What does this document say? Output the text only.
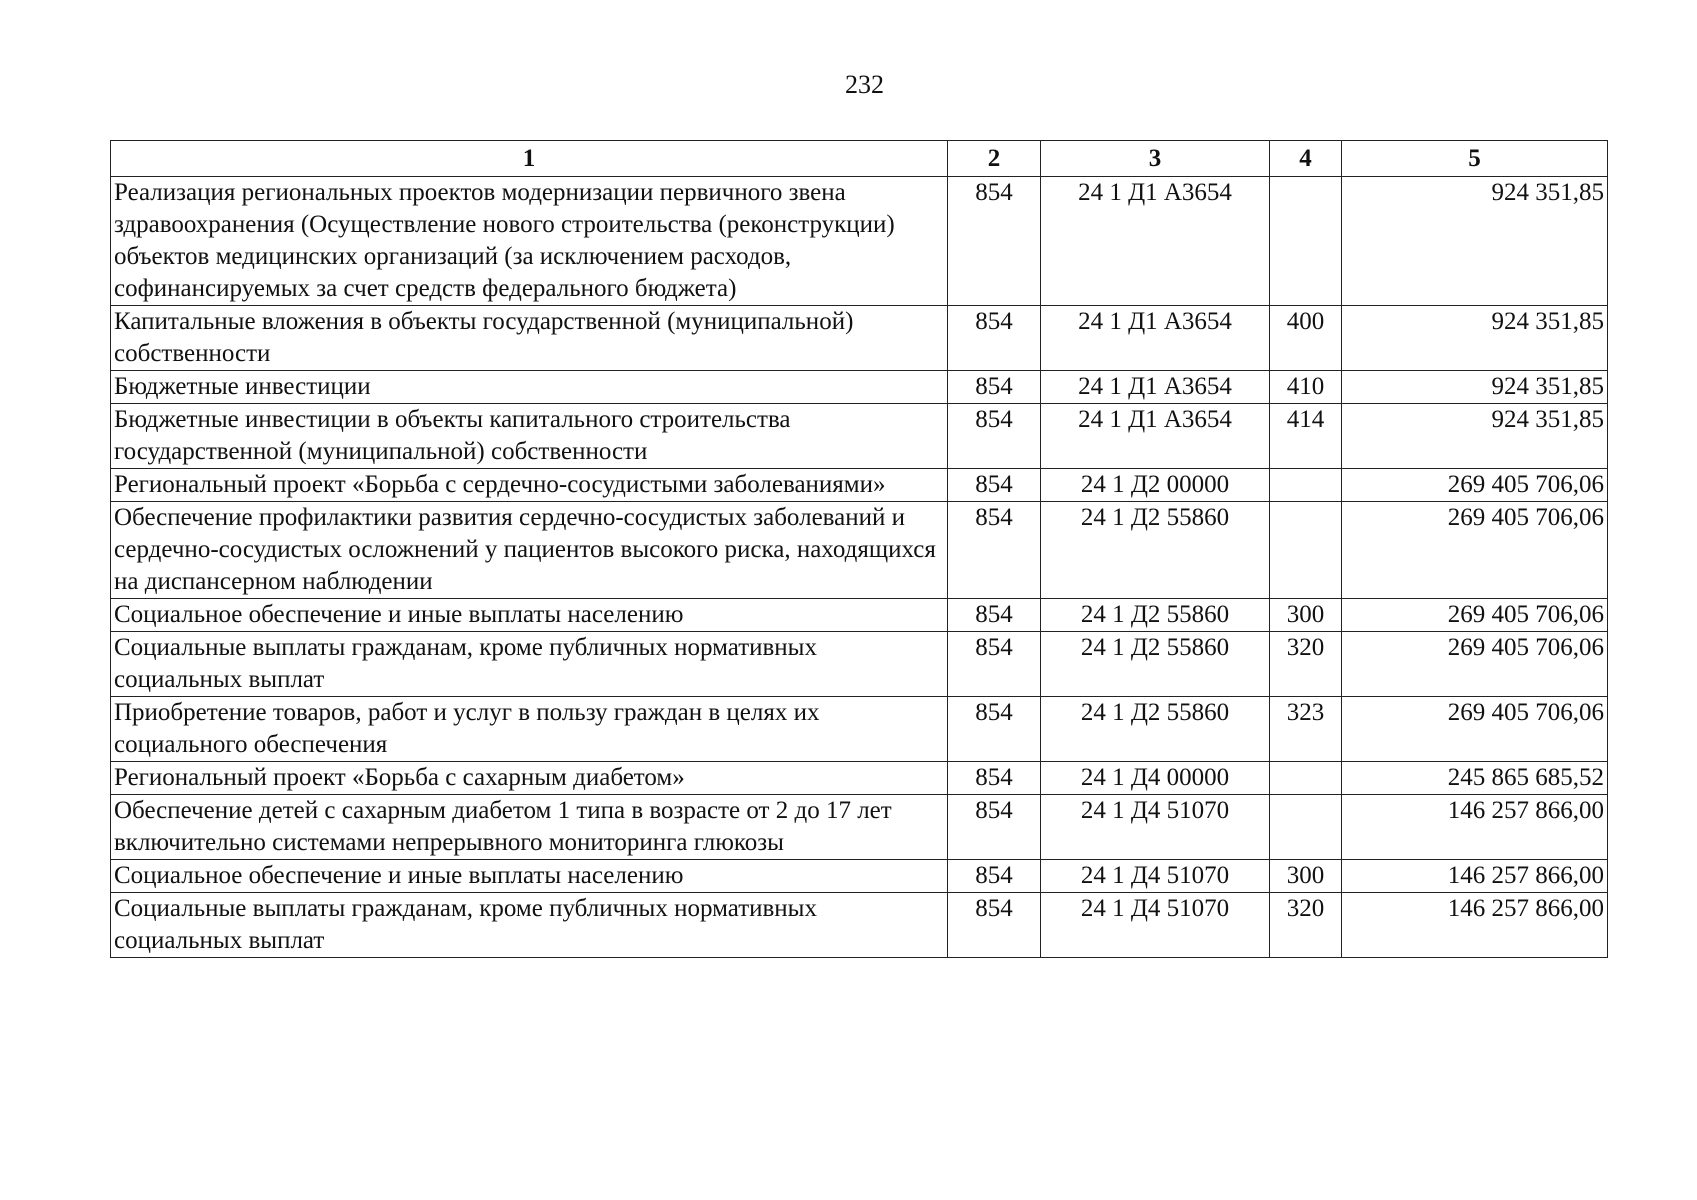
232
1	2	3	4	5
Реализация региональных проектов модернизации первичного звена здравоохранения (Осуществление нового строительства (реконструкции) объектов медицинских организаций (за исключением расходов, софинансируемых за счет средств федерального бюджета)	854	24 1 Д1 А3654		924 351,85
Капитальные вложения в объекты государственной (муниципальной) собственности	854	24 1 Д1 А3654	400	924 351,85
Бюджетные инвестиции	854	24 1 Д1 А3654	410	924 351,85
Бюджетные инвестиции в объекты капитального строительства государственной (муниципальной) собственности	854	24 1 Д1 А3654	414	924 351,85
Региональный проект «Борьба с сердечно-сосудистыми заболеваниями»	854	24 1 Д2 00000		269 405 706,06
Обеспечение профилактики развития сердечно-сосудистых заболеваний и сердечно-сосудистых осложнений у пациентов высокого риска, находящихся на диспансерном наблюдении	854	24 1 Д2 55860		269 405 706,06
Социальное обеспечение и иные выплаты населению	854	24 1 Д2 55860	300	269 405 706,06
Социальные выплаты гражданам, кроме публичных нормативных социальных выплат	854	24 1 Д2 55860	320	269 405 706,06
Приобретение товаров, работ и услуг в пользу граждан в целях их социального обеспечения	854	24 1 Д2 55860	323	269 405 706,06
Региональный проект «Борьба с сахарным диабетом»	854	24 1 Д4 00000		245 865 685,52
Обеспечение детей с сахарным диабетом 1 типа в возрасте от 2 до 17 лет включительно системами непрерывного мониторинга глюкозы	854	24 1 Д4 51070		146 257 866,00
Социальное обеспечение и иные выплаты населению	854	24 1 Д4 51070	300	146 257 866,00
Социальные выплаты гражданам, кроме публичных нормативных социальных выплат	854	24 1 Д4 51070	320	146 257 866,00
